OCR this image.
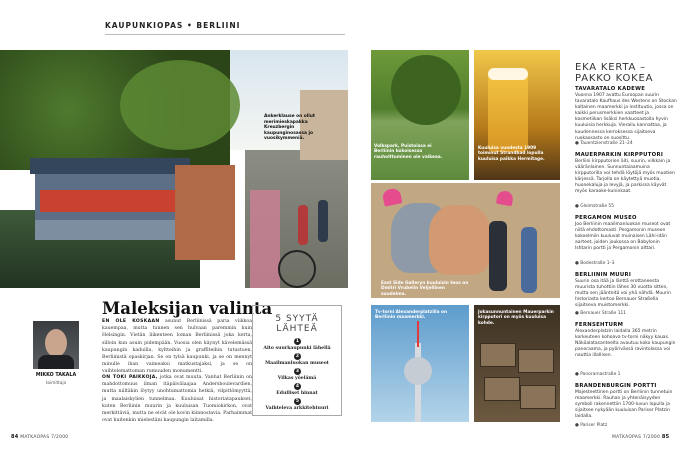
KAUPUNKIOPAS • BERLIINI
Ankerklause on ollut merimieskapakka Kreuzbergin kaupunginosassa jo vuosikymmeniä.
Maleksijan valinta
MIKKO TAKALA
toimittaja

EN OLE KOSKAAN asunut Berliinissä paria viikkoa kauempaa, mutta tunnen sen hulvaan paremmin kuin Helsingin. Vietän liikenteen loman Berliinissä joka kerta, silloin kun asuin pidempään. Vuosia olen käynyt kävelemässä kaupungin kaduilla, kyltteihin ja graffiteihin tutustuen. Berliinistä opaskirjan. Se on tylsä kaupunki, ja se on mennyt minulle ihan vaimeaksi matkustajaksi, ja se on vaihtelemattoman rumuuden monumentti.

ON TOKI PAIKKOJA, jotka ovat muuta. Vanhat Berliinin on mahdottomuus ilman itäpäivälaajaa Andersboulevardien, mutta niiltäkin löytyy unohtumattomia hetkiä, vilpittömyyttä, ja maalaiskylien tunnelmaa. Kuuluisat historiatapaukset, kuten Berliinin muurin ja kuuluisan Tuomiokirkon, ovat merkittäviä, mutta ne eivät ole kovin kiinnostavia. Parhaimmat ovat kuitenkin mielestäni kaupungin laitamilla.

5 SYYTÄ LÄHTEÄ
1
Aito suurkaupunki lähellä
2
Maailmanluokan museot
3
Vilkas yöelämä
4
Edulliset hinnat
5
Vaihteleva arkkitehtuuri
84 MATKAOPAS 7/2000
Volkspark, Puistoissa ei Berliinin kokoisessa rauhoittuminen ole vaikeaa.
Kuuluisa vuodesta 1909 toiminut Strandbad lopulla kuuluisa paikka Hermitage.
East Side Galleryn kuuluisin teos on Dmitri Vrubelin Veljellinen suudelma.
Tv-torni Alexanderplatzilla on Berliinin maamerkki.
Jokasunnuntainen Mauerparkin kirpputori on myös kuuluisa kohde.
EKA KERTA – PAKKO KOKEA
TAVARATALO KADEWE

Vuonna 1907 avattu Euroopan suurin tavaratalo Kaufhaus des Westens on Stockan kaltainen maamerkki ja instituutio, jossa on kaikki perusmerkkien vaatteet ja kosmetiikan lisäksi herkkuosastolla hyvin kuuluisia herkkuja. Vierailu kannattaa, ja kuudennessa kerroksessa sijaitseva ruokaosasto on suosittu.

● Tauentzienstraße 21–24
MAUERPARKIN KIRPPUTORI

Berliini kirpputorien äiti, suurin, vilkkain ja vääränlainen. Sunnuntaiaamuina kirpputorilla voi tehdä löytöjä myös muotien kärjessä. Tarjolla on käytettyä muotia, huonekaluja ja levyjä, ja parkissa käyvät myös karaoke-kuninkaat.

● Gleimstraße 55
PERGAMON MUSEO

Joo Berliinin maailmanluokan museot ovat niitä ehdottomasti. Pergamonin museon kokoelmiin kuuluvat muinaisen Lähi-idän aarteet, joiden joukossa on Babylonin Ishtarin portti ja Pergamonin alttari.

● Bodestraße 1–3
BERLIININ MUURI

Suurin osa itää ja länttä erottaneesta muurista tuhottiin lähes 30 vuotta sitten, mutta sen jäänteitä voi yhä nähdä. Muurin historiasta kertoo Bernauer Straßella sijaitseva muistomerkki.

● Bernauer Straße 111
FERNSEHTURM

Alexanderplatzin laidalla 365 metrin korkeuteen kohoava tv-torni näkyy kauas. Näköalatasanteelta avautuu koko kaupungin panoraama, ja pyörivässä ravintolassa voi nauttia illallisen.

● Panoramastraße 1
BRANDENBURGIN PORTTI

Majesteettinen portti on Berliinin tunnetuin maamerkki. Rauhan ja yhtenäisyyden symboli rakennettiin 1700-luvun lopulla ja sijaitsee nykyään kuuluisan Pariser Platzin laidalla.

● Pariser Platz
MATKAOPAS 7/2000 85
